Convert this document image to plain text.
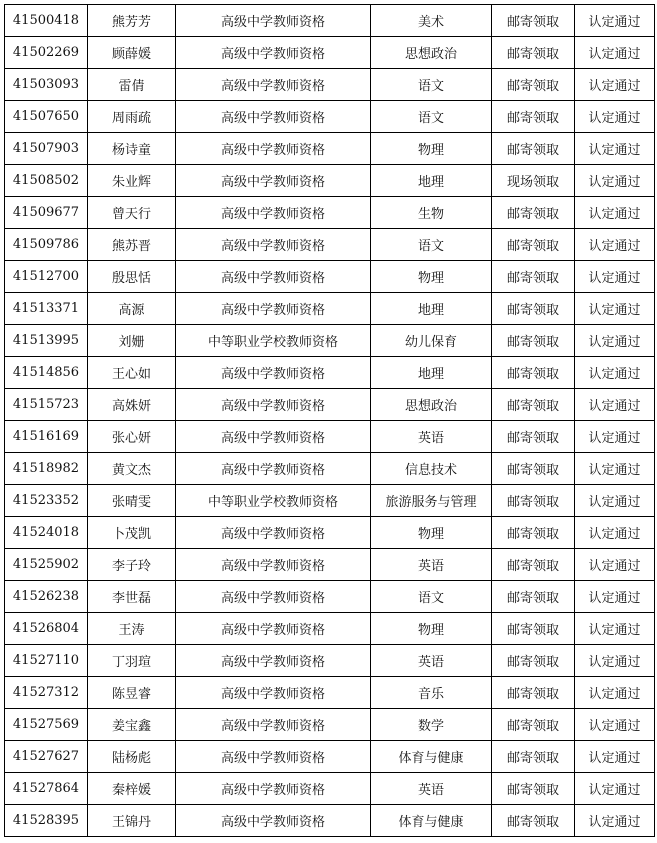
41500418	熊芳芳	高级中学教师资格	美术	邮寄领取	认定通过
41502269	顾薛媛	高级中学教师资格	思想政治	邮寄领取	认定通过
41503093	雷倩	高级中学教师资格	语文	邮寄领取	认定通过
41507650	周雨疏	高级中学教师资格	语文	邮寄领取	认定通过
41507903	杨诗童	高级中学教师资格	物理	邮寄领取	认定通过
41508502	朱业辉	高级中学教师资格	地理	现场领取	认定通过
41509677	曾天行	高级中学教师资格	生物	邮寄领取	认定通过
41509786	熊苏晋	高级中学教师资格	语文	邮寄领取	认定通过
41512700	殷思恬	高级中学教师资格	物理	邮寄领取	认定通过
41513371	高源	高级中学教师资格	地理	邮寄领取	认定通过
41513995	刘姗	中等职业学校教师资格	幼儿保育	邮寄领取	认定通过
41514856	王心如	高级中学教师资格	地理	邮寄领取	认定通过
41515723	高姝妍	高级中学教师资格	思想政治	邮寄领取	认定通过
41516169	张心妍	高级中学教师资格	英语	邮寄领取	认定通过
41518982	黄文杰	高级中学教师资格	信息技术	邮寄领取	认定通过
41523352	张晴雯	中等职业学校教师资格	旅游服务与管理	邮寄领取	认定通过
41524018	卜茂凯	高级中学教师资格	物理	邮寄领取	认定通过
41525902	李子玲	高级中学教师资格	英语	邮寄领取	认定通过
41526238	李世磊	高级中学教师资格	语文	邮寄领取	认定通过
41526804	王涛	高级中学教师资格	物理	邮寄领取	认定通过
41527110	丁羽瑄	高级中学教师资格	英语	邮寄领取	认定通过
41527312	陈昱睿	高级中学教师资格	音乐	邮寄领取	认定通过
41527569	姜宝鑫	高级中学教师资格	数学	邮寄领取	认定通过
41527627	陆杨彪	高级中学教师资格	体育与健康	邮寄领取	认定通过
41527864	秦梓媛	高级中学教师资格	英语	邮寄领取	认定通过
41528395	王锦丹	高级中学教师资格	体育与健康	邮寄领取	认定通过
